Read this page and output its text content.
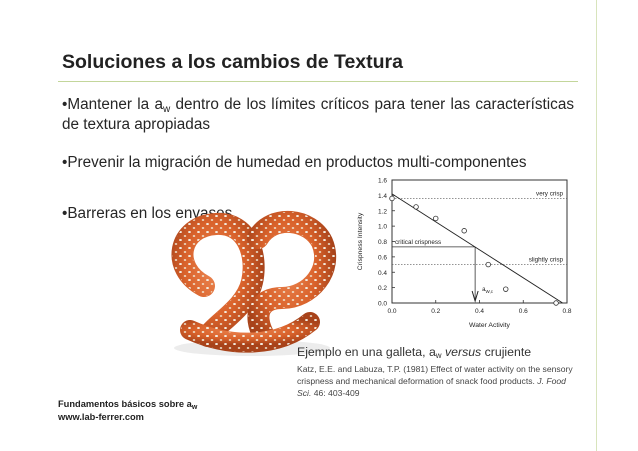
Soluciones a los cambios de Textura
•Mantener la $a_w$ dentro de los límites críticos para tener las características de textura apropiadas
•Prevenir la migración de humedad en productos multi-componentes
•Barreras en los envases
0.0
0.2
0.4
0.6
0.8
1.0
1.2
1.4
1.6
0.0	0.2	0.4	0.6	0.8
Water Activity
Crispness Intensity
very crisp
slightly crisp
critical crispness
$a_{W,c}$
Ejemplo en una galleta, $a_w$ versus crujiente
Katz, E.E. and Labuza, T.P. (1981) Effect of water activity on the sensory crispness and mechanical deformation of snack food products. J. Food Sci. 46: 403-409
Fundamentos básicos sobre $a_w$
www.lab-ferrer.com
